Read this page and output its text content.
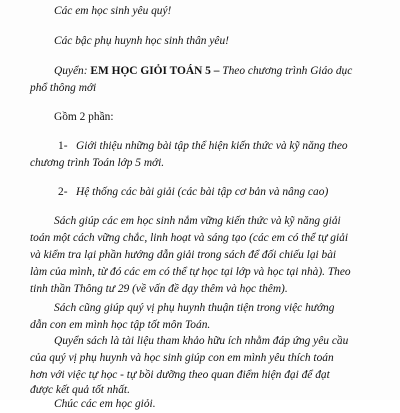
Các em học sinh yêu quý!

Các bậc phụ huynh học sinh thân yêu!

Quyển: EM HỌC GIỎI TOÁN 5 – Theo chương trình Giáo dục

phổ thông mới

Gồm 2 phần:

1- Giới thiệu những bài tập thể hiện kiến thức và kỹ năng theo

chương trình Toán lớp 5 mới.

2- Hệ thống các bài giải (các bài tập cơ bản và nâng cao)

Sách giúp các em học sinh nắm vững kiến thức và kỹ năng giải

toán một cách vững chắc, linh hoạt và sáng tạo (các em có thể tự giải

và kiểm tra lại phần hướng dẫn giải trong sách để đối chiếu lại bài

làm của mình, từ đó các em có thể tự học tại lớp và học tại nhà). Theo

tinh thần Thông tư 29 (về vấn đề dạy thêm và học thêm).

Sách cũng giúp quý vị phụ huynh thuận tiện trong việc hướng

dẫn con em mình học tập tốt môn Toán.

Quyển sách là tài liệu tham khảo hữu ích nhằm đáp ứng yêu cầu

của quý vị phụ huynh và học sinh giúp con em mình yêu thích toán

hơn với việc tự học - tự bồi dưỡng theo quan điểm hiện đại để đạt

được kết quả tốt nhất.

Chúc các em học giỏi.
